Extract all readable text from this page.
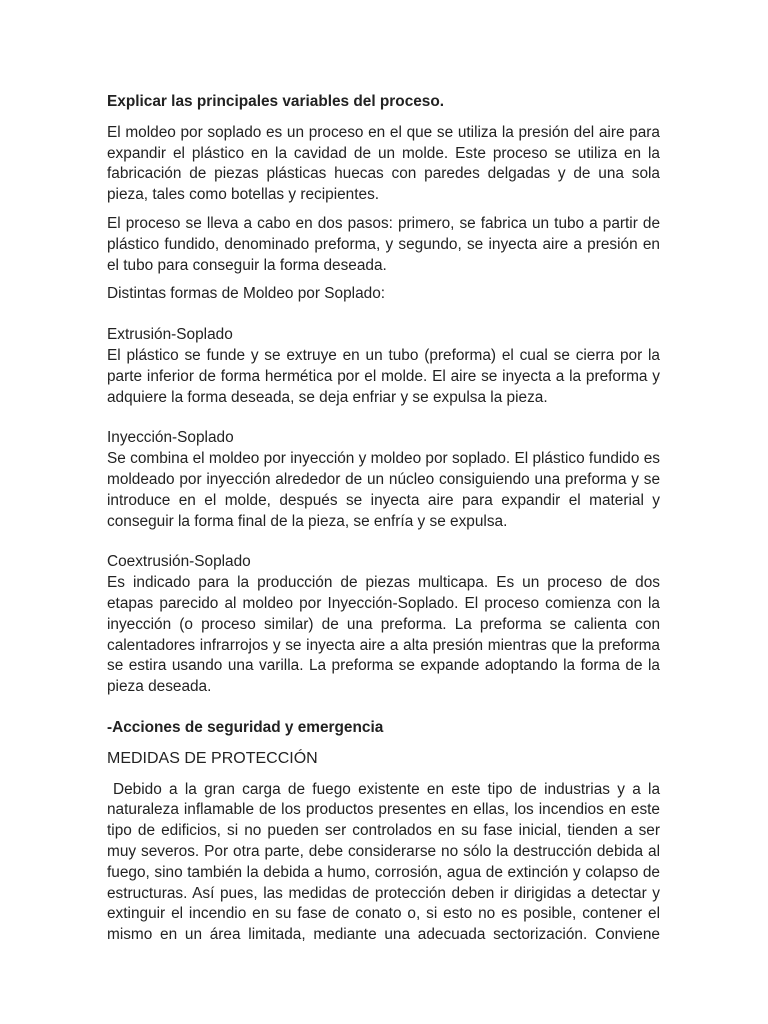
Explicar las principales variables del proceso.

El moldeo por soplado es un proceso en el que se utiliza la presión del aire para expandir el plástico en la cavidad de un molde. Este proceso se utiliza en la fabricación de piezas plásticas huecas con paredes delgadas y de una sola pieza, tales como botellas y recipientes.

El proceso se lleva a cabo en dos pasos: primero, se fabrica un tubo a partir de plástico fundido, denominado preforma, y segundo, se inyecta aire a presión en el tubo para conseguir la forma deseada.

Distintas formas de Moldeo por Soplado:

Extrusión-Soplado

El plástico se funde y se extruye en un tubo (preforma) el cual se cierra por la parte inferior de forma hermética por el molde. El aire se inyecta a la preforma y adquiere la forma deseada, se deja enfriar y se expulsa la pieza.

Inyección-Soplado

Se combina el moldeo por inyección y moldeo por soplado. El plástico fundido es moldeado por inyección alrededor de un núcleo consiguiendo una preforma y se introduce en el molde, después se inyecta aire para expandir el material y conseguir la forma final de la pieza, se enfría y se expulsa.

Coextrusión-Soplado

Es indicado para la producción de piezas multicapa. Es un proceso de dos etapas parecido al moldeo por Inyección-Soplado. El proceso comienza con la inyección (o proceso similar) de una preforma. La preforma se calienta con calentadores infrarrojos y se inyecta aire a alta presión mientras que la preforma se estira usando una varilla. La preforma se expande adoptando la forma de la pieza deseada.

-Acciones de seguridad y emergencia

MEDIDAS DE PROTECCIÓN

Debido a la gran carga de fuego existente en este tipo de industrias y a la naturaleza inflamable de los productos presentes en ellas, los incendios en este tipo de edificios, si no pueden ser controlados en su fase inicial, tienden a ser muy severos. Por otra parte, debe considerarse no sólo la destrucción debida al fuego, sino también la debida a humo, corrosión, agua de extinción y colapso de estructuras. Así pues, las medidas de protección deben ir dirigidas a detectar y extinguir el incendio en su fase de conato o, si esto no es posible, contener el mismo en un área limitada, mediante una adecuada sectorización. Conviene
